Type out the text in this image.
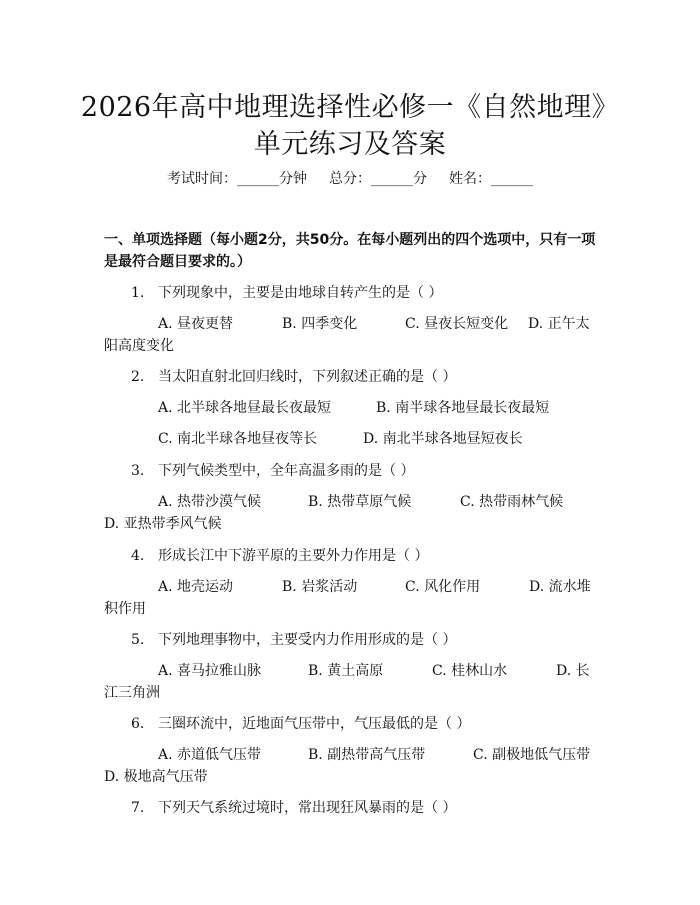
2026年高中地理选择性必修一《自然地理》
单元练习及答案
考试时间：______分钟 总分：______分 姓名：______
一、单项选择题（每小题2分，共50分。在每小题列出的四个选项中，只有一项是最符合题目要求的。）
1. 下列现象中，主要是由地球自转产生的是（ ）
A. 昼夜更替	B. 四季变化	C. 昼夜长短变化 D. 正午太阳高度变化
2. 当太阳直射北回归线时，下列叙述正确的是（ ）
A. 北半球各地昼最长夜最短	B. 南半球各地昼最长夜最短
C. 南北半球各地昼夜等长	D. 南北半球各地昼短夜长
3. 下列气候类型中，全年高温多雨的是（ ）
A. 热带沙漠气候	B. 热带草原气候	C. 热带雨林气候D. 亚热带季风气候
4. 形成长江中下游平原的主要外力作用是（ ）
A. 地壳运动	B. 岩浆活动	C. 风化作用	D. 流水堆积作用
5. 下列地理事物中，主要受内力作用形成的是（ ）
A. 喜马拉雅山脉	B. 黄土高原	C. 桂林山水	D. 长江三角洲
6. 三圈环流中，近地面气压带中，气压最低的是（ ）
A. 赤道低气压带	B. 副热带高气压带	C. 副极地低气压带D. 极地高气压带
7. 下列天气系统过境时，常出现狂风暴雨的是（ ）
